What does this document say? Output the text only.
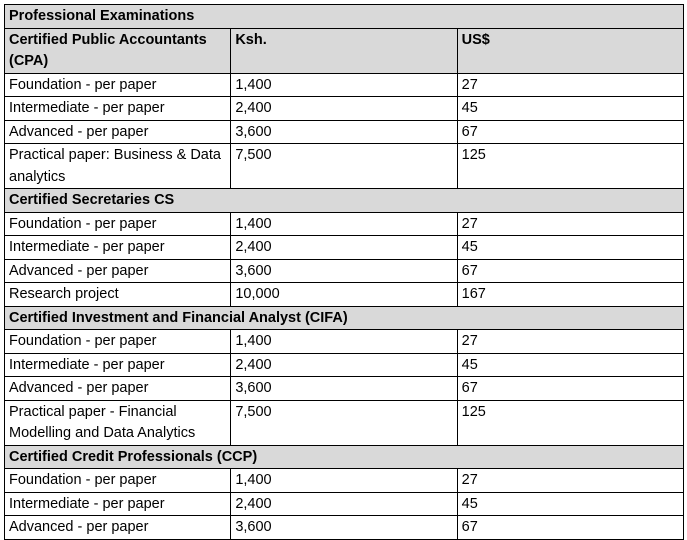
Professional Examinations		
Certified Public Accountants (CPA)	Ksh.	US$
Foundation - per paper	1,400	27
Intermediate - per paper	2,400	45
Advanced - per paper	3,600	67
Practical paper: Business & Data analytics	7,500	125
Certified Secretaries CS		
Foundation - per paper	1,400	27
Intermediate - per paper	2,400	45
Advanced - per paper	3,600	67
Research project	10,000	167
Certified Investment and Financial Analyst (CIFA)		
Foundation - per paper	1,400	27
Intermediate - per paper	2,400	45
Advanced - per paper	3,600	67
Practical paper - Financial Modelling and Data Analytics	7,500	125
Certified Credit Professionals (CCP)		
Foundation - per paper	1,400	27
Intermediate - per paper	2,400	45
Advanced - per paper	3,600	67
